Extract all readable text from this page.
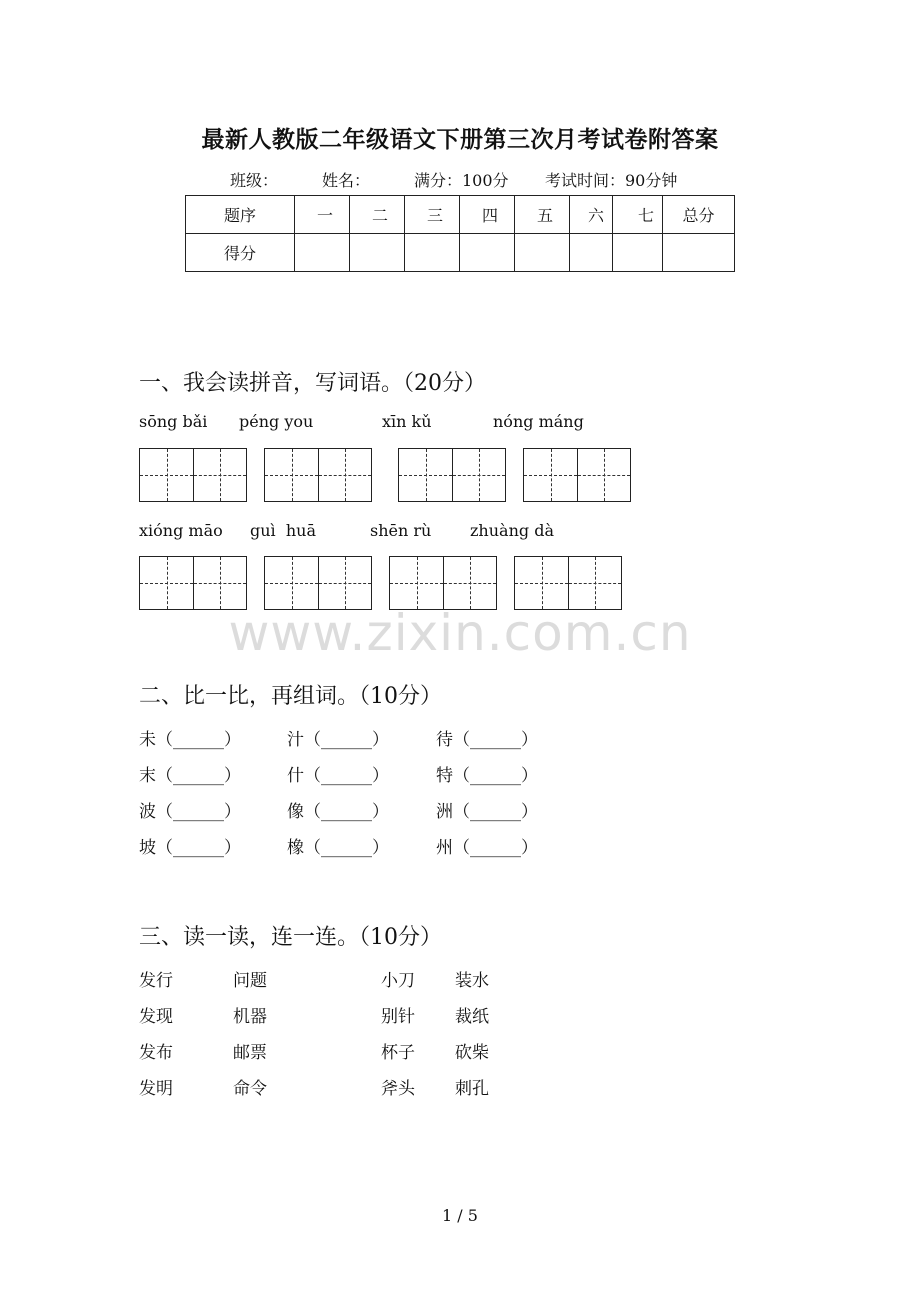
最新人教版二年级语文下册第三次月考试卷附答案
班级：	姓名：	满分：100分 考试时间：90分钟
题序	一	二	三	四	五	六	七	总分
得分								
一、我会读拼音，写词语。（20分）
sōng bǎi péng you	xīn kǔ	nóng máng
xióng māo guì  huā	shēn rù zhuàng dà
www.zixin.com.cn
二、比一比，再组词。（10分）
未（______）	汁（______）	待（______）
末（______）	什（______）	特（______）
波（______）	像（______）	洲（______）
坡（______）	橡（______）	州（______）
三、读一读，连一连。（10分）
发行	问题	小刀 装水
发现	机器	别针 裁纸
发布	邮票	杯子 砍柴
发明	命令	斧头 刺孔
1 / 5
